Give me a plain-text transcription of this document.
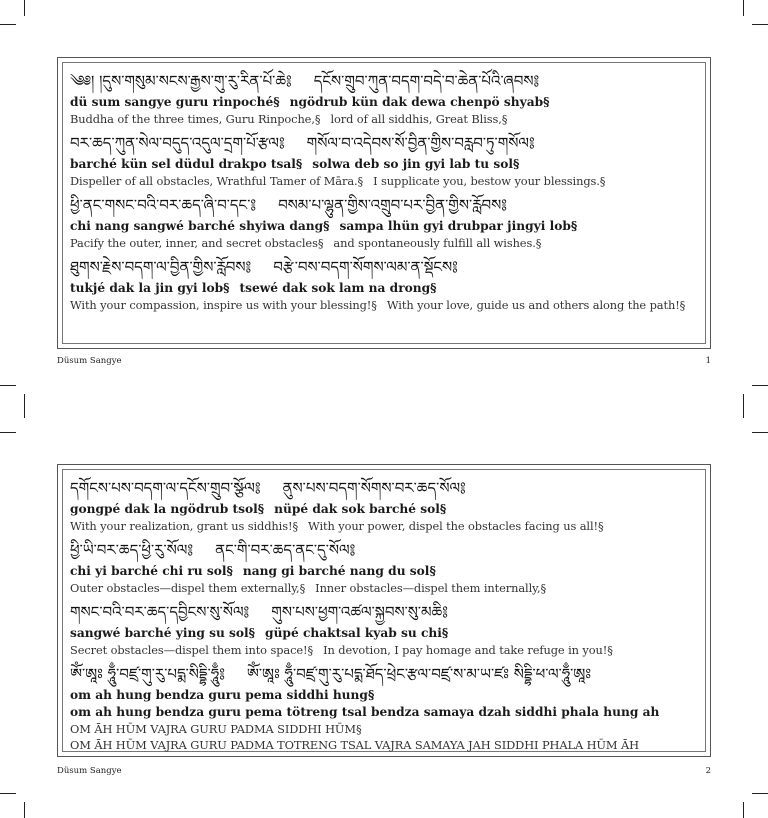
༄༅། །དུས་གསུམ་སངས་རྒྱས་གུ་རུ་རིན་པོ་ཆེ༔ དངོས་གྲུབ་ཀུན་བདག་བདེ་བ་ཆེན་པོའི་ཞབས༔
dü sum sangye guru rinpoché§ ngödrub kün dak dewa chenpö shyab§
Buddha of the three times, Guru Rinpoche,§ lord of all siddhis, Great Bliss,§
བར་ཆད་ཀུན་སེལ་བདུད་འདུལ་དྲག་པོ་རྩལ༔ གསོལ་བ་འདེབས་སོ་བྱིན་གྱིས་བརླབ་ཏུ་གསོལ༔
barché kün sel düdul drakpo tsal§ solwa deb so jin gyi lab tu sol§
Dispeller of all obstacles, Wrathful Tamer of Māra.§ I supplicate you, bestow your blessings.§
ཕྱི་ནང་གསང་བའི་བར་ཆད་ཞི་བ་དང་༔ བསམ་པ་ལྷུན་གྱིས་འགྲུབ་པར་བྱིན་གྱིས་རློབས༔
chi nang sangwé barché shyiwa dang§ sampa lhün gyi drubpar jingyi lob§
Pacify the outer, inner, and secret obstacles§ and spontaneously fulfill all wishes.§
ཐུགས་རྗེས་བདག་ལ་བྱིན་གྱིས་རློབས༔ བརྩེ་བས་བདག་སོགས་ལམ་ན་སྡོངས༔
tukjé dak la jin gyi lob§ tsewé dak sok lam na drong§
With your compassion, inspire us with your blessing!§ With your love, guide us and others along the path!§
Düsum Sangye	1
དགོངས་པས་བདག་ལ་དངོས་གྲུབ་སྩོལ༔ ནུས་པས་བདག་སོགས་བར་ཆད་སོལ༔
gongpé dak la ngödrub tsol§ nüpé dak sok barché sol§
With your realization, grant us siddhis!§ With your power, dispel the obstacles facing us all!§
ཕྱི་ཡི་བར་ཆད་ཕྱི་རུ་སོལ༔ ནང་གི་བར་ཆད་ནང་དུ་སོལ༔
chi yi barché chi ru sol§ nang gi barché nang du sol§
Outer obstacles—dispel them externally,§ Inner obstacles—dispel them internally,§
གསང་བའི་བར་ཆད་དབྱིངས་སུ་སོལ༔ གུས་པས་ཕྱག་འཚལ་སྐྱབས་སུ་མཆི༔
sangwé barché ying su sol§ güpé chaktsal kyab su chi§
Secret obstacles—dispel them into space!§ In devotion, I pay homage and take refuge in you!§
ཨོཾ་ཨཱཿ ཧཱུྃ་བཛྲ་གུ་རུ་པདྨ་སིདྡྷི་ཧཱུྃ༔ ཨོཾ་ཨཱཿ ཧཱུྃ་བཛྲ་གུ་རུ་པདྨ་ཐོད་ཕྲེང་རྩལ་བཛྲ་ས་མ་ཡ་ཛཿ སིདྡྷི་ཕ་ལ་ཧཱུྃ་ཨཱཿ
om ah hung bendza guru pema siddhi hung§
om ah hung bendza guru pema tötreng tsal bendza samaya dzah siddhi phala hung ah
OM ĀH HŪM VAJRA GURU PADMA SIDDHI HŪM§
OM ĀH HŪM VAJRA GURU PADMA TOTRENG TSAL VAJRA SAMAYA JAH SIDDHI PHALA HŪM ĀH
Düsum Sangye	2
